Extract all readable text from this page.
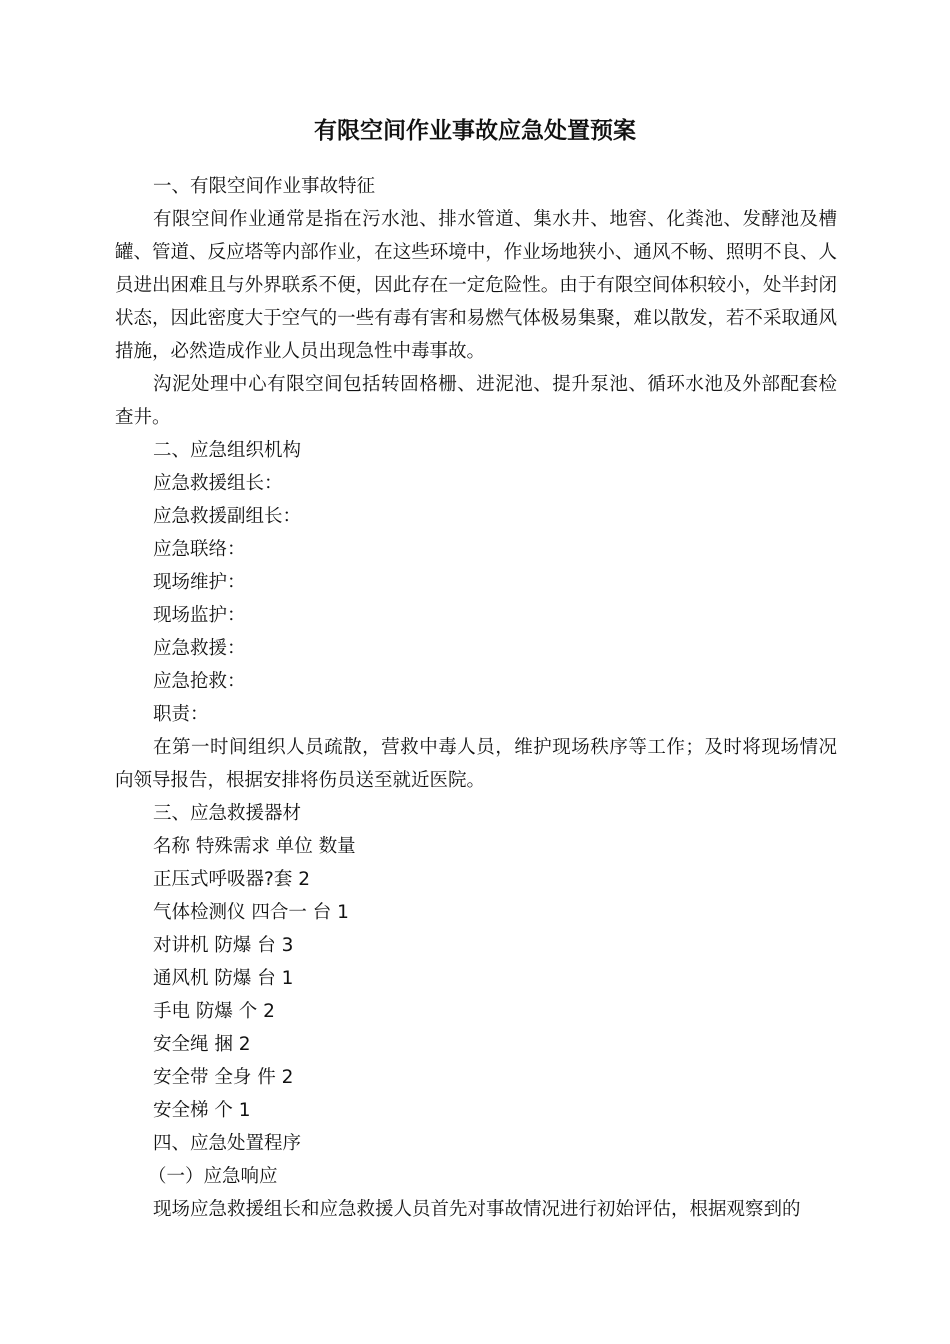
有限空间作业事故应急处置预案

一、有限空间作业事故特征

有限空间作业通常是指在污水池、排水管道、集水井、地窖、化粪池、发酵池及槽罐、管道、反应塔等内部作业，在这些环境中，作业场地狭小、通风不畅、照明不良、人员进出困难且与外界联系不便，因此存在一定危险性。由于有限空间体积较小，处半封闭状态，因此密度大于空气的一些有毒有害和易燃气体极易集聚，难以散发，若不采取通风措施，必然造成作业人员出现急性中毒事故。

沟泥处理中心有限空间包括转固格栅、进泥池、提升泵池、循环水池及外部配套检查井。

二、应急组织机构

应急救援组长：

应急救援副组长：

应急联络：

现场维护：

现场监护：

应急救援：

应急抢救：

职责：

在第一时间组织人员疏散，营救中毒人员，维护现场秩序等工作；及时将现场情况向领导报告，根据安排将伤员送至就近医院。

三、应急救援器材

名称 特殊需求 单位 数量

正压式呼吸器?套 2

气体检测仪 四合一 台 1

对讲机 防爆 台 3

通风机 防爆 台 1

手电 防爆 个 2

安全绳 捆 2

安全带 全身 件 2

安全梯 个 1

四、应急处置程序

（一）应急响应

现场应急救援组长和应急救援人员首先对事故情况进行初始评估，根据观察到的
